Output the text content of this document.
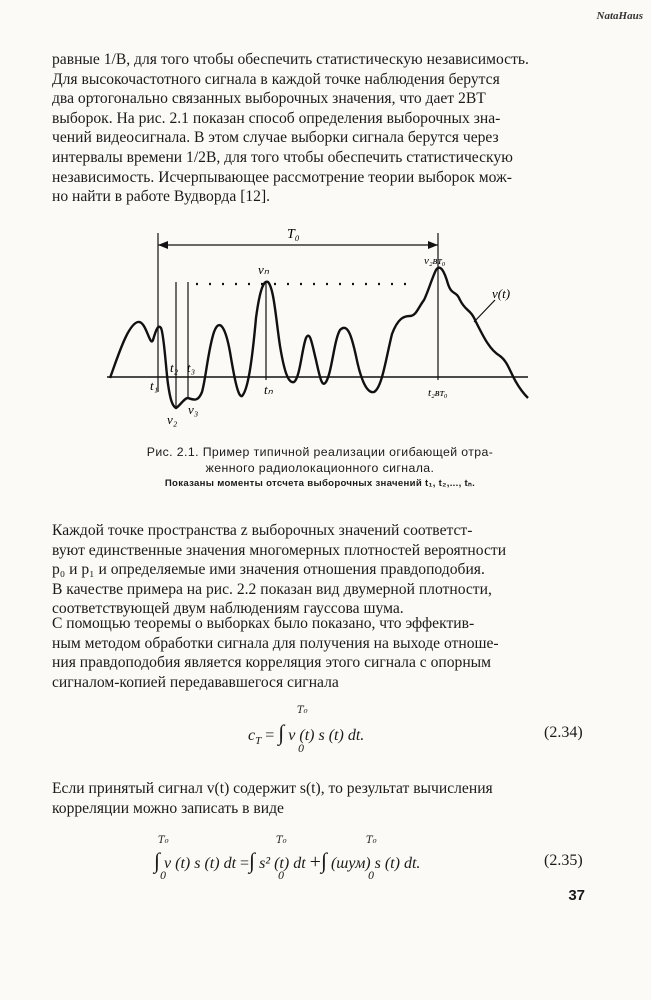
NataHaus
равные 1/B, для того чтобы обеспечить статистическую независимость.
Для высокочастотного сигнала в каждой точке наблюдения берутся
два ортогонально связанных выборочных значения, что дает 2BT
выборок. На рис. 2.1 показан способ определения выборочных зна-
чений видеосигнала. В этом случае выборки сигнала берутся через
интервалы времени 1/2B, для того чтобы обеспечить статистическую
независимость. Исчерпывающее рассмотрение теории выборок мож-
но найти в работе Вудворда [12].
T₀
vₙ
v₂ʙᴛ₀
v(t)
t₁
t₂ t₃
tₙ	t₂ʙᴛ₀
v₂
v₃
Рис. 2.1. Пример типичной реализации огибающей отра-
женного радиолокационного сигнала.
Показаны моменты отсчета выборочных значений t₁, t₂,..., tₙ.
Каждой точке пространства z выборочных значений соответст-
вуют единственные значения многомерных плотностей вероятности
p₀ и p₁ и определяемые ими значения отношения правдоподобия.
В качестве примера на рис. 2.2 показан вид двумерной плотности,
соответствующей двум наблюдениям гауссова шума.
С помощью теоремы о выборках было показано, что эффектив-
ным методом обработки сигнала для получения на выходе отноше-
ния правдоподобия является корреляция этого сигнала с опорным
сигналом-копией передававшегося сигнала
$c_T$ = ∫ v (t) s (t) dt.
T₀
0
(2.34)
Если принятый сигнал v(t) содержит s(t), то результат вычисления
корреляции можно записать в виде
∫ v (t) s (t) dt =∫ s² (t) dt +∫ (шум) s (t) dt.
T₀
0
T₀
0
T₀
0
(2.35)
37
